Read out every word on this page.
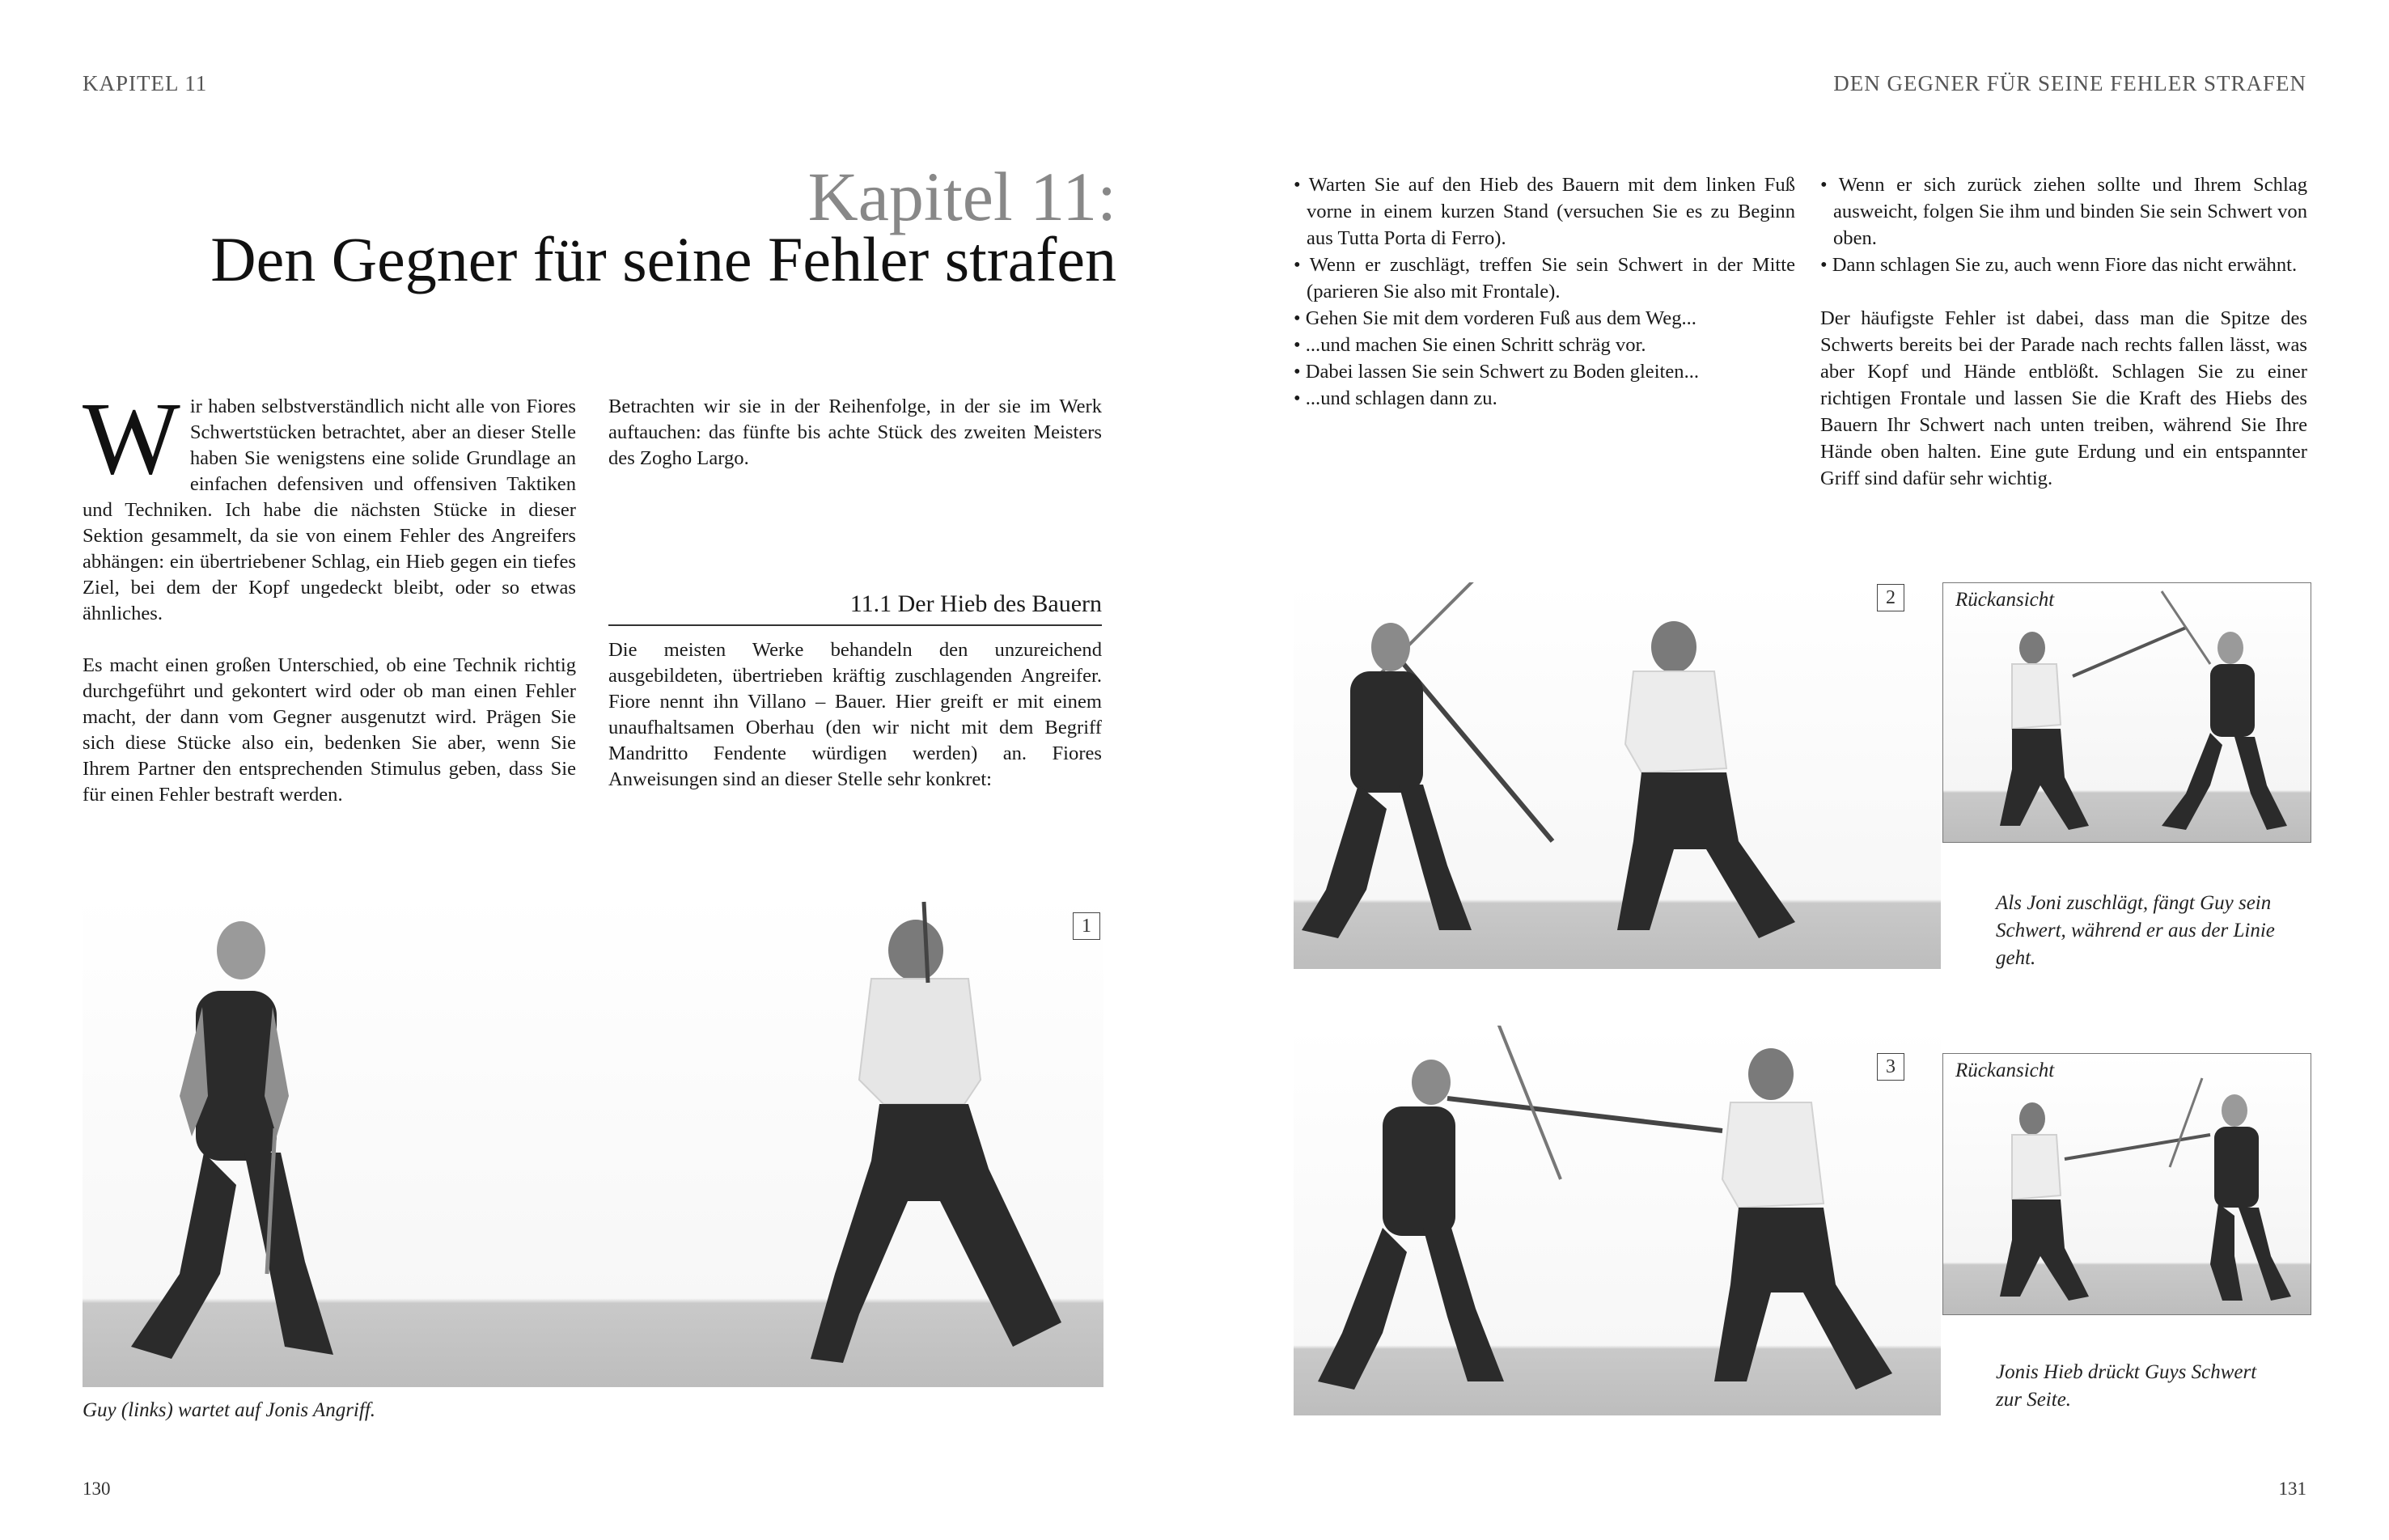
KAPITEL 11
Kapitel 11:
Den Gegner für seine Fehler strafen

Wir haben selbstverständlich nicht alle von Fiores Schwertstücken betrachtet, aber an dieser Stelle haben Sie wenigstens eine solide Grundlage an einfachen defensiven und offensiven Taktiken und Techniken. Ich habe die nächsten Stücke in dieser Sektion gesammelt, da sie von einem Fehler des Angreifers abhängen: ein übertriebener Schlag, ein Hieb gegen ein tiefes Ziel, bei dem der Kopf ungedeckt bleibt, oder so etwas ähnliches.

Es macht einen großen Unterschied, ob eine Technik richtig durchgeführt und gekontert wird oder ob man einen Fehler macht, der dann vom Gegner ausgenutzt wird. Prägen Sie sich diese Stücke also ein, bedenken Sie aber, wenn Sie Ihrem Partner den entsprechenden Stimulus geben, dass Sie für einen Fehler bestraft werden.

Betrachten wir sie in der Reihenfolge, in der sie im Werk auftauchen: das fünfte bis achte Stück des zweiten Meisters des Zogho Largo.

11.1 Der Hieb des Bauern

Die meisten Werke behandeln den unzureichend ausgebildeten, übertrieben kräftig zuschlagenden Angreifer. Fiore nennt ihn Villano – Bauer. Hier greift er mit einem unaufhaltsamen Oberhau (den wir nicht mit dem Begriff Mandritto Fendente würdigen werden) an. Fiores Anweisungen sind an dieser Stelle sehr konkret:

1
Guy (links) wartet auf Jonis Angriff.
130
DEN GEGNER FÜR SEINE FEHLER STRAFEN
• Warten Sie auf den Hieb des Bauern mit dem linken Fuß vorne in einem kurzen Stand (versuchen Sie es zu Beginn aus Tutta Porta di Ferro).
• Wenn er zuschlägt, treffen Sie sein Schwert in der Mitte (parieren Sie also mit Frontale).
• Gehen Sie mit dem vorderen Fuß aus dem Weg...
• ...und machen Sie einen Schritt schräg vor.
• Dabei lassen Sie sein Schwert zu Boden gleiten...
• ...und schlagen dann zu.
• Wenn er sich zurück ziehen sollte und Ihrem Schlag ausweicht, folgen Sie ihm und binden Sie sein Schwert von oben.
• Dann schlagen Sie zu, auch wenn Fiore das nicht erwähnt.

Der häufigste Fehler ist dabei, dass man die Spitze des Schwerts bereits bei der Parade nach rechts fallen lässt, was aber Kopf und Hände entblößt. Schlagen Sie zu einer richtigen Frontale und lassen Sie die Kraft des Hiebs des Bauern Ihr Schwert nach unten treiben, während Sie Ihre Hände oben halten. Eine gute Erdung und ein entspannter Griff sind dafür sehr wichtig.

2	Rückansicht
Als Joni zuschlägt, fängt Guy sein Schwert, während er aus der Linie geht.
3	Rückansicht
Jonis Hieb drückt Guys Schwert zur Seite.
131
